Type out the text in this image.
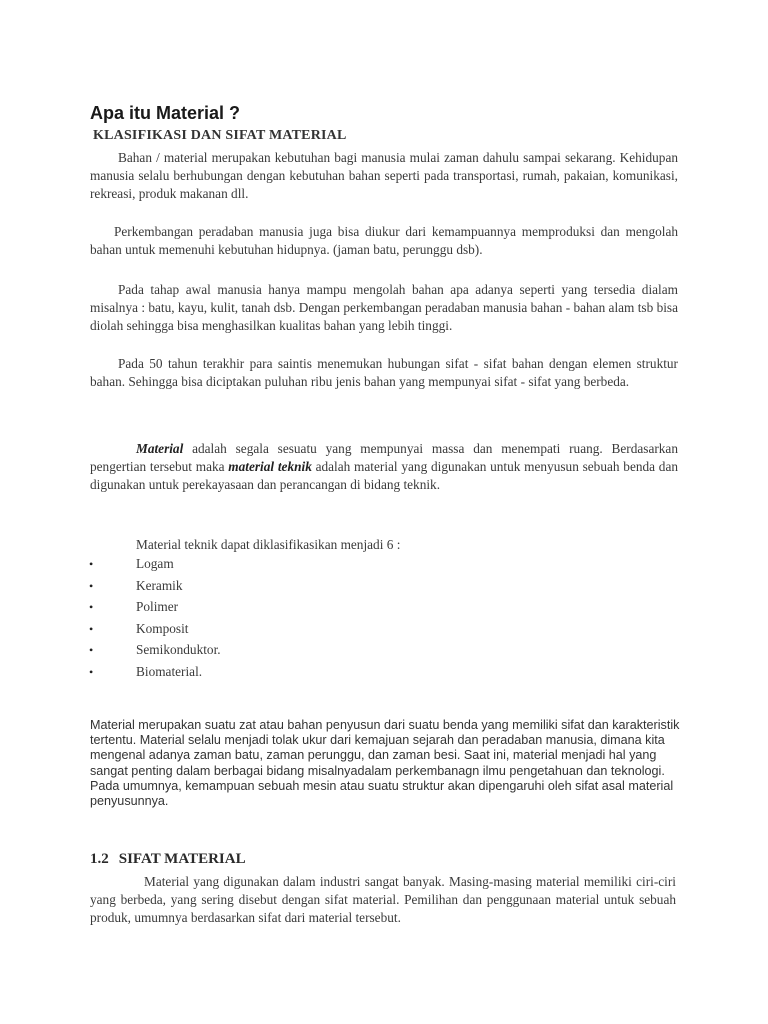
Apa itu Material ?
KLASIFIKASI DAN SIFAT MATERIAL

Bahan / material merupakan kebutuhan bagi manusia mulai zaman dahulu sampai sekarang. Kehidupan manusia selalu berhubungan dengan kebutuhan bahan seperti pada transportasi, rumah, pakaian, komunikasi, rekreasi, produk makanan dll.

Perkembangan peradaban manusia juga bisa diukur dari kemampuannya memproduksi dan mengolah bahan untuk memenuhi kebutuhan hidupnya. (jaman batu, perunggu dsb).

Pada tahap awal manusia hanya mampu mengolah bahan apa adanya seperti yang tersedia dialam misalnya : batu, kayu, kulit, tanah dsb. Dengan perkembangan peradaban manusia bahan - bahan alam tsb bisa diolah sehingga bisa menghasilkan kualitas bahan yang lebih tinggi.

Pada 50 tahun terakhir para saintis menemukan hubungan sifat - sifat bahan dengan elemen struktur bahan. Sehingga bisa diciptakan puluhan ribu jenis bahan yang mempunyai sifat - sifat yang berbeda.

Material adalah segala sesuatu yang mempunyai massa dan menempati ruang. Berdasarkan pengertian tersebut maka material teknik adalah material yang digunakan untuk menyusun sebuah benda dan digunakan untuk perekayasaan dan perancangan di bidang teknik.

Material teknik dapat diklasifikasikan menjadi 6 :

•	Logam
•	Keramik
•	Polimer
•	Komposit
•	Semikonduktor.
•	Biomaterial.

Material merupakan suatu zat atau bahan penyusun dari suatu benda yang memiliki sifat dan karakteristik tertentu. Material selalu menjadi tolak ukur dari kemajuan sejarah dan peradaban manusia, dimana kita mengenal adanya zaman batu, zaman perunggu, dan zaman besi. Saat ini, material menjadi hal yang sangat penting dalam berbagai bidang misalnyadalam perkembanagn ilmu pengetahuan dan teknologi. Pada umumnya, kemampuan sebuah mesin atau suatu struktur akan dipengaruhi oleh sifat asal material penyusunnya.

1.2 SIFAT MATERIAL

Material yang digunakan dalam industri sangat banyak. Masing-masing material memiliki ciri-ciri yang berbeda, yang sering disebut dengan sifat material. Pemilihan dan penggunaan material untuk sebuah produk, umumnya berdasarkan sifat dari material tersebut.
